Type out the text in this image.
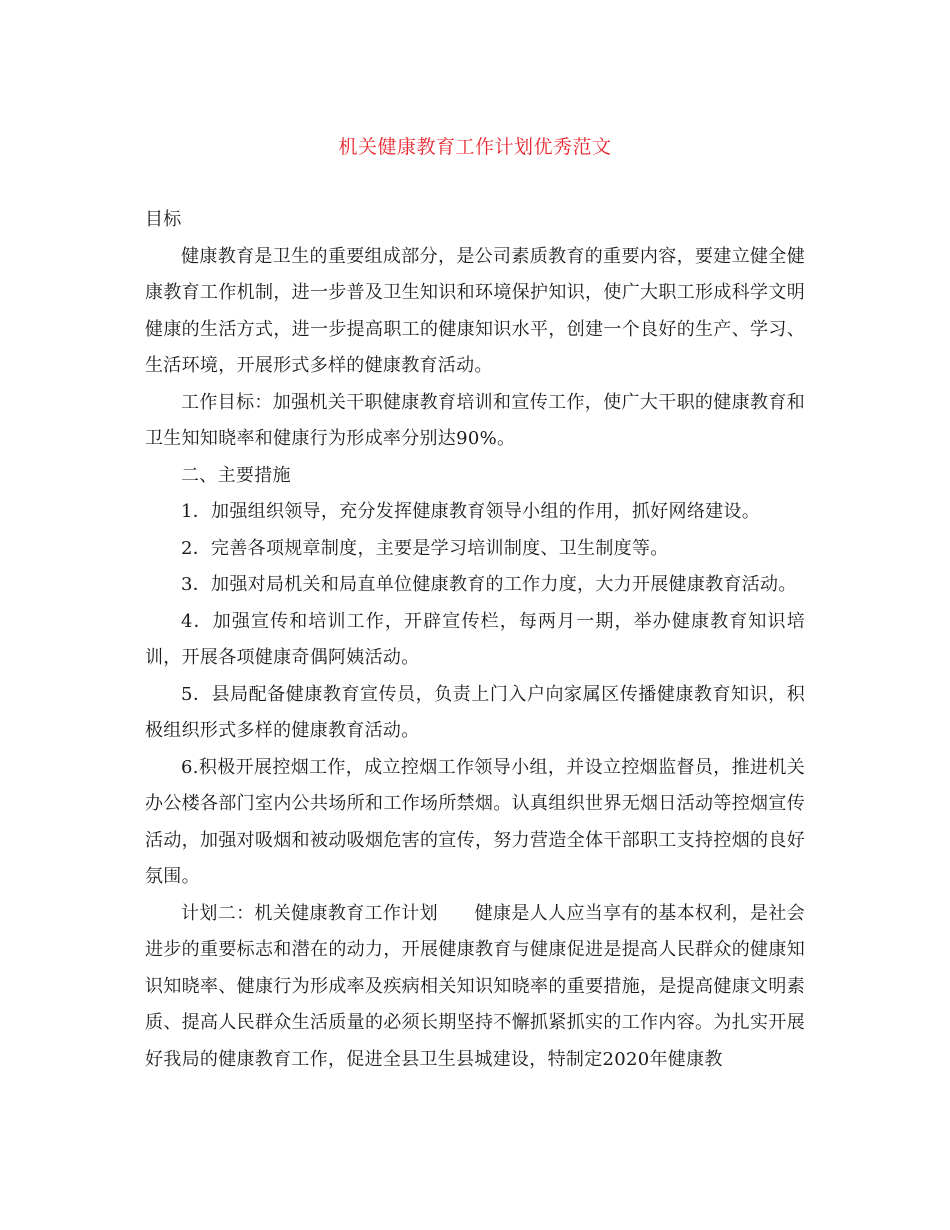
机关健康教育工作计划优秀范文

目标

健康教育是卫生的重要组成部分，是公司素质教育的重要内容，要建立健全健康教育工作机制，进一步普及卫生知识和环境保护知识，使广大职工形成科学文明健康的生活方式，进一步提高职工的健康知识水平，创建一个良好的生产、学习、生活环境，开展形式多样的健康教育活动。

工作目标：加强机关干职健康教育培训和宣传工作，使广大干职的健康教育和卫生知知晓率和健康行为形成率分别达90%。

二、主要措施

1．加强组织领导，充分发挥健康教育领导小组的作用，抓好网络建设。

2．完善各项规章制度，主要是学习培训制度、卫生制度等。

3．加强对局机关和局直单位健康教育的工作力度，大力开展健康教育活动。

4．加强宣传和培训工作，开辟宣传栏，每两月一期，举办健康教育知识培训，开展各项健康奇偶阿姨活动。

5．县局配备健康教育宣传员，负责上门入户向家属区传播健康教育知识，积极组织形式多样的健康教育活动。

6.积极开展控烟工作，成立控烟工作领导小组，并设立控烟监督员，推进机关办公楼各部门室内公共场所和工作场所禁烟。认真组织世界无烟日活动等控烟宣传活动，加强对吸烟和被动吸烟危害的宣传，努力营造全体干部职工支持控烟的良好氛围。

计划二：机关健康教育工作计划　　健康是人人应当享有的基本权利，是社会进步的重要标志和潜在的动力，开展健康教育与健康促进是提高人民群众的健康知识知晓率、健康行为形成率及疾病相关知识知晓率的重要措施，是提高健康文明素质、提高人民群众生活质量的必须长期坚持不懈抓紧抓实的工作内容。为扎实开展好我局的健康教育工作，促进全县卫生县城建设，特制定2020年健康教
